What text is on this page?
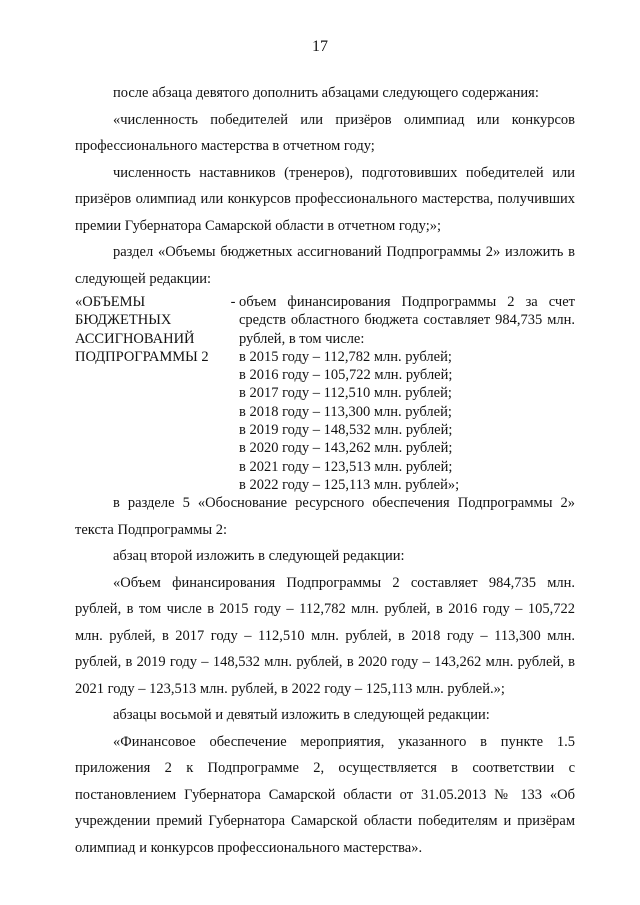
17

после абзаца девятого дополнить абзацами следующего содержания:

«численность победителей или призёров олимпиад или конкурсов профессионального мастерства в отчетном году;

численность наставников (тренеров), подготовивших победителей или призёров олимпиад или конкурсов профессионального мастерства, получивших премии Губернатора Самарской области в отчетном году;»;

раздел «Объемы бюджетных ассигнований Подпрограммы 2» изложить в следующей редакции:

«ОБЪЕМЫ
БЮДЖЕТНЫХ
АССИГНОВАНИЙ
ПОДПРОГРАММЫ 2
- объем финансирования Подпрограммы 2 за счет средств областного бюджета составляет 984,735 млн. рублей, в том числе:
в 2015 году – 112,782 млн. рублей;
в 2016 году – 105,722 млн. рублей;
в 2017 году – 112,510 млн. рублей;
в 2018 году – 113,300 млн. рублей;
в 2019 году – 148,532 млн. рублей;
в 2020 году – 143,262 млн. рублей;
в 2021 году – 123,513 млн. рублей;
в 2022 году – 125,113 млн. рублей»;

в разделе 5 «Обоснование ресурсного обеспечения Подпрограммы 2» текста Подпрограммы 2:

абзац второй изложить в следующей редакции:

«Объем финансирования Подпрограммы 2 составляет 984,735 млн. рублей, в том числе в 2015 году – 112,782 млн. рублей, в 2016 году – 105,722 млн. рублей, в 2017 году – 112,510 млн. рублей, в 2018 году – 113,300 млн. рублей, в 2019 году – 148,532 млн. рублей, в 2020 году – 143,262 млн. рублей, в 2021 году – 123,513 млн. рублей, в 2022 году – 125,113 млн. рублей.»;

абзацы восьмой и девятый изложить в следующей редакции:

«Финансовое обеспечение мероприятия, указанного в пункте 1.5 приложения 2 к Подпрограмме 2, осуществляется в соответствии с постановлением Губернатора Самарской области от 31.05.2013 № 133 «Об учреждении премий Губернатора Самарской области победителям и призёрам олимпиад и конкурсов профессионального мастерства».
